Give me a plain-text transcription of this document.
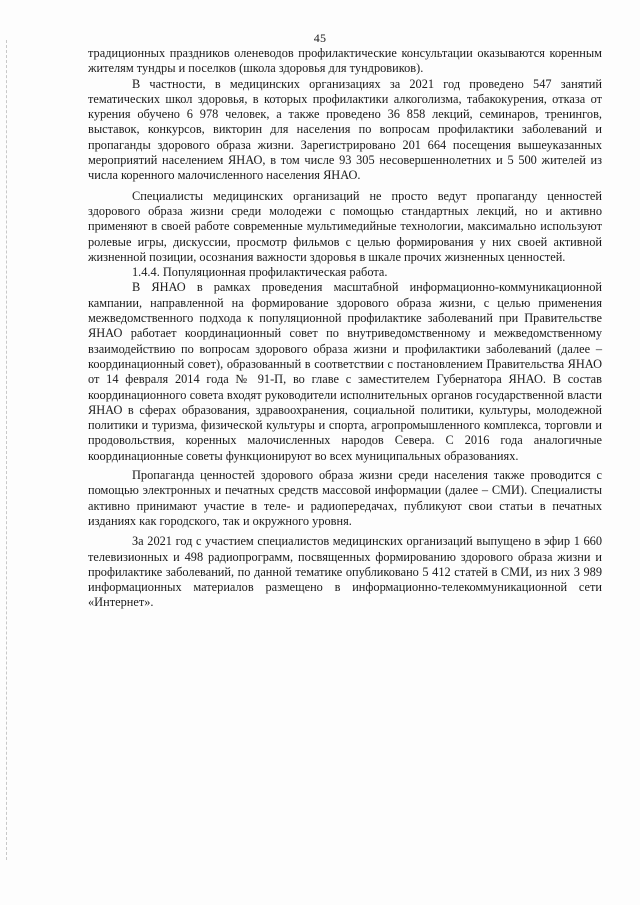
45

традиционных праздников оленеводов профилактические консультации оказываются коренным жителям тундры и поселков (школа здоровья для тундровиков).

В частности, в медицинских организациях за 2021 год проведено 547 занятий тематических школ здоровья, в которых профилактики алкоголизма, табакокурения, отказа от курения обучено 6 978 человек, а также проведено 36 858 лекций, семинаров, тренингов, выставок, конкурсов, викторин для населения по вопросам профилактики заболеваний и пропаганды здорового образа жизни. Зарегистрировано 201 664 посещения вышеуказанных мероприятий населением ЯНАО, в том числе 93 305 несовершеннолетних и 5 500 жителей из числа коренного малочисленного населения ЯНАО.

Специалисты медицинских организаций не просто ведут пропаганду ценностей здорового образа жизни среди молодежи с помощью стандартных лекций, но и активно применяют в своей работе современные мультимедийные технологии, максимально используют ролевые игры, дискуссии, просмотр фильмов с целью формирования у них своей активной жизненной позиции, осознания важности здоровья в шкале прочих жизненных ценностей.

1.4.4. Популяционная профилактическая работа.

В ЯНАО в рамках проведения масштабной информационно-коммуникационной кампании, направленной на формирование здорового образа жизни, с целью применения межведомственного подхода к популяционной профилактике заболеваний при Правительстве ЯНАО работает координационный совет по внутриведомственному и межведомственному взаимодействию по вопросам здорового образа жизни и профилактики заболеваний (далее – координационный совет), образованный в соответствии с постановлением Правительства ЯНАО от 14 февраля 2014 года № 91-П, во главе с заместителем Губернатора ЯНАО. В состав координационного совета входят руководители исполнительных органов государственной власти ЯНАО в сферах образования, здравоохранения, социальной политики, культуры, молодежной политики и туризма, физической культуры и спорта, агропромышленного комплекса, торговли и продовольствия, коренных малочисленных народов Севера. С 2016 года аналогичные координационные советы функционируют во всех муниципальных образованиях.

Пропаганда ценностей здорового образа жизни среди населения также проводится с помощью электронных и печатных средств массовой информации (далее – СМИ). Специалисты активно принимают участие в теле- и радиопередачах, публикуют свои статьи в печатных изданиях как городского, так и окружного уровня.

За 2021 год с участием специалистов медицинских организаций выпущено в эфир 1 660 телевизионных и 498 радиопрограмм, посвященных формированию здорового образа жизни и профилактике заболеваний, по данной тематике опубликовано 5 412 статей в СМИ, из них 3 989 информационных материалов размещено в информационно-телекоммуникационной сети «Интернет».
